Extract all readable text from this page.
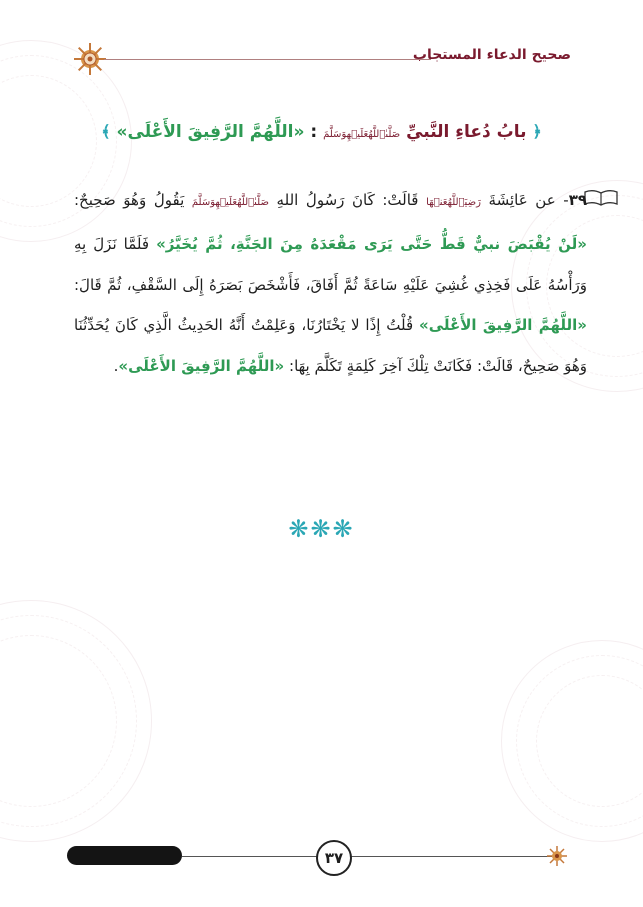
صحيح الدعاء المستجاب
﴿ بابُ دُعاءِ النَّبيِّ صَلَّىٰٱللَّهُعَلَيۡهِوَسَلَّمَ : «اللَّهُمَّ الرَّفِيقَ الأَعْلَى» ﴾
٣٩- عن عَائِشَةَ رَضِيَٱللَّهُعَنۡهَا قَالَتْ: كَانَ رَسُولُ اللهِ صَلَّىٰٱللَّهُعَلَيۡهِوَسَلَّمَ يَقُولُ وَهُوَ صَحِيحٌ: «لَنْ يُقْبَضَ نبيٌّ قَطُّ حَتَّى يَرَى مَقْعَدَهُ مِنَ الجَنَّةِ، ثُمَّ يُخَيَّرُ» فَلَمَّا نَزَلَ بِهِ وَرَأْسُهُ عَلَى فَخِذِي غُشِيَ عَلَيْهِ سَاعَةً ثُمَّ أَفَاقَ، فَأَشْخَصَ بَصَرَهُ إِلَى السَّقْفِ، ثُمَّ قَالَ: «اللَّهُمَّ الرَّفِيقَ الأَعْلَى» قُلْتُ إِذًا لا يَخْتَارُنَا، وَعَلِمْتُ أَنَّهُ الحَدِيثُ الَّذِي كَانَ يُحَدِّثُنَا وَهُوَ صَحِيحٌ، قَالَتْ: فَكَانَتْ تِلْكَ آخِرَ كَلِمَةٍ تَكَلَّمَ بِهَا: «اللَّهُمَّ الرَّفِيقَ الأَعْلَى».
❋❋❋
٣٧
